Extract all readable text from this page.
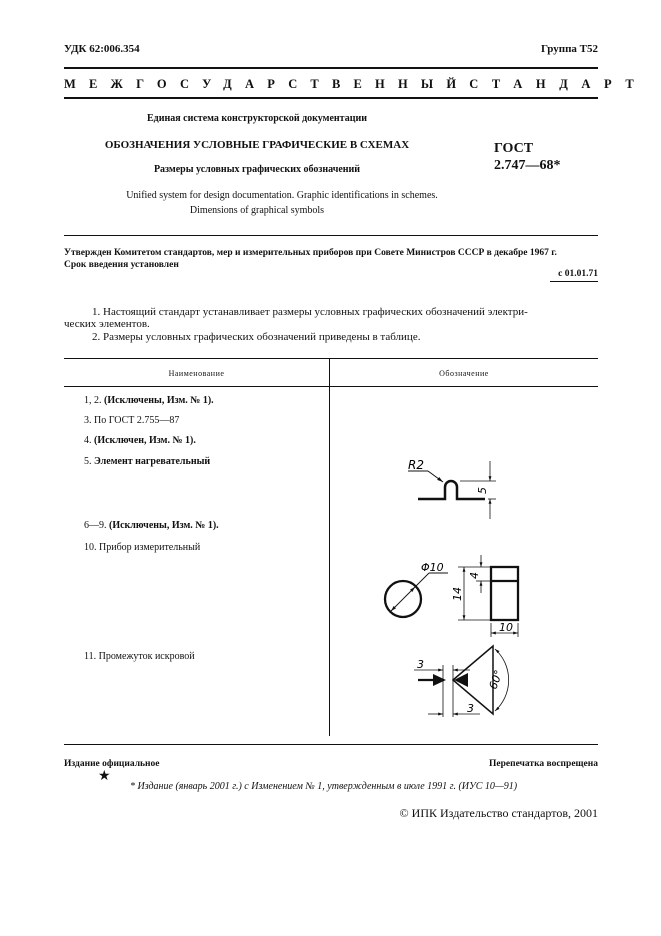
УДК 62:006.354	Группа Т52
МЕЖГОСУДАРСТВЕННЫЙ СТАНДАРТ
Единая система конструкторской документации
ОБОЗНАЧЕНИЯ УСЛОВНЫЕ ГРАФИЧЕСКИЕ В СХЕМАХ
Размеры условных графических обозначений
Unified system for design documentation. Graphic identifications in schemes.
Dimensions of graphical symbols
ГОСТ
2.747—68*
Утвержден Комитетом стандартов, мер и измерительных приборов при Совете Министров СССР в декабре 1967 г.
Срок введения установлен
с 01.01.71
1. Настоящий стандарт устанавливает размеры условных графических обозначений электри-
ческих элементов.
2. Размеры условных графических обозначений приведены в таблице.
Наименование	Обозначение
1, 2. (Исключены, Изм. № 1).
3. По ГОСТ 2.755—87
4. (Исключен, Изм. № 1).
5. Элемент нагревательный
6—9. (Исключены, Изм. № 1).
10. Прибор измерительный
11. Промежуток искровой
R2
5
Φ10
14
4
10
3
3
60°
Издание официальное	Перепечатка воспрещена
★
* Издание (январь 2001 г.) с Изменением № 1, утвержденным в июле 1991 г. (ИУС 10—91)
© ИПК Издательство стандартов, 2001
